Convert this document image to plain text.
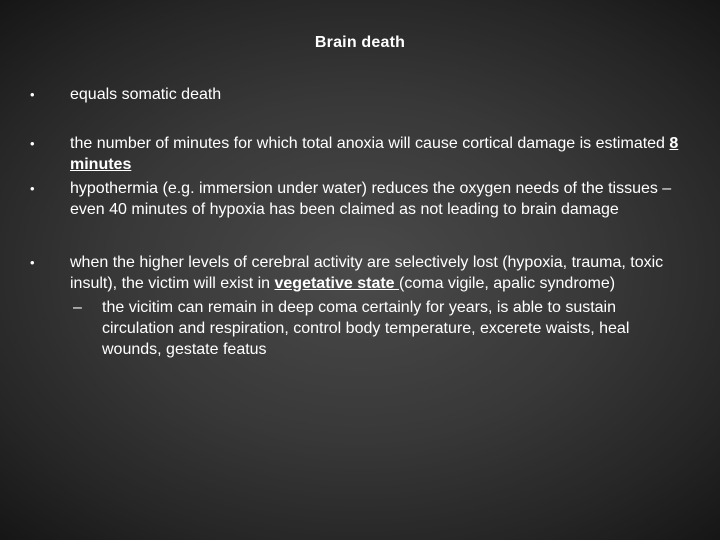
Brain death
•	equals somatic death
•	the number of minutes for which total anoxia will cause cortical damage is estimated 8 minutes
•	hypothermia (e.g. immersion under water) reduces the oxygen needs of the tissues – even 40 minutes of hypoxia has been claimed as not leading to brain damage
•	when the higher levels of cerebral activity are selectively lost (hypoxia, trauma, toxic insult), the victim will exist in vegetative state (coma vigile, apalic syndrome)
– the vicitim can remain in deep coma certainly for years, is able to sustain circulation and respiration, control body temperature, excerete waists, heal wounds, gestate featus
